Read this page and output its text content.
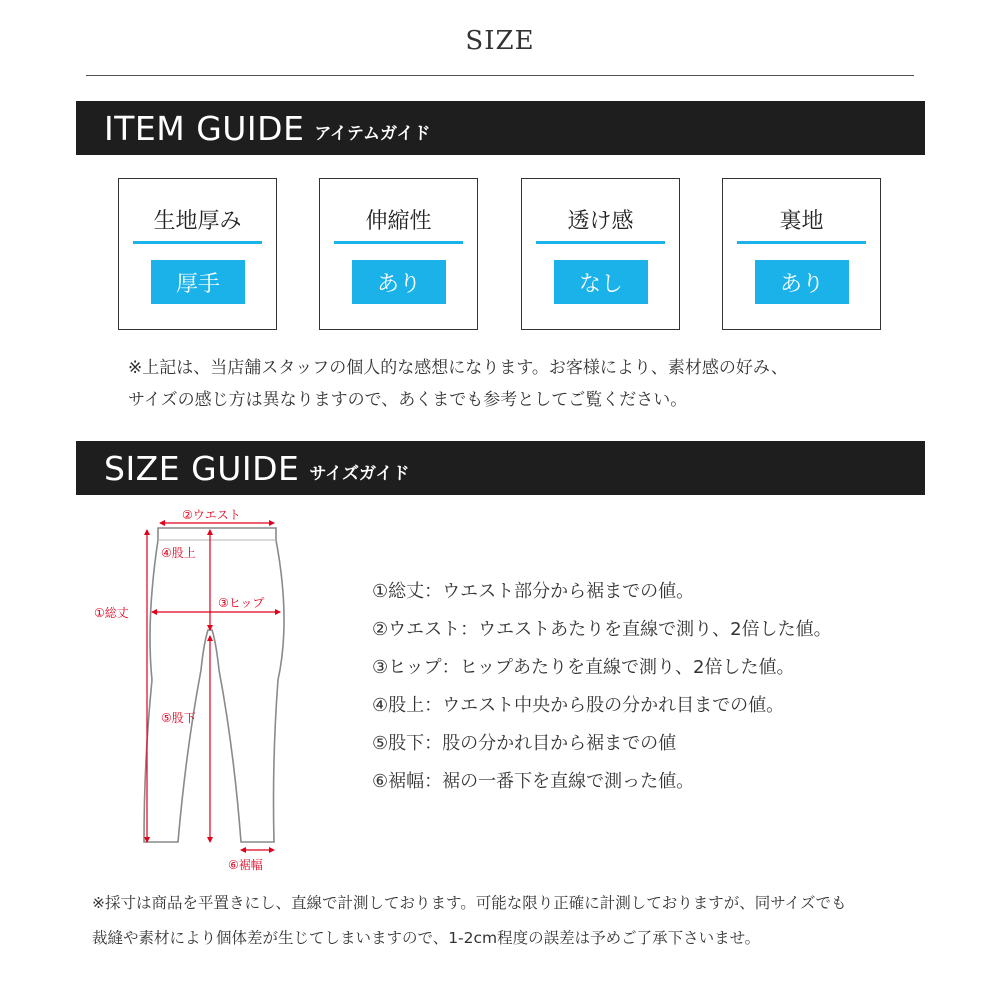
SIZE
ITEM GUIDE アイテムガイド
生地厚み
厚手
伸縮性
あり
透け感
なし
裏地
あり
※上記は、当店舗スタッフの個人的な感想になります。お客様により、素材感の好み、
サイズの感じ方は異なりますので、あくまでも参考としてご覧ください。
SIZE GUIDE サイズガイド
②ウエスト
④股上
①総丈
③ヒップ
⑤股下
⑥裾幅
①総丈：ウエスト部分から裾までの値。
②ウエスト：ウエストあたりを直線で測り、2倍した値。
③ヒップ：ヒップあたりを直線で測り、2倍した値。
④股上：ウエスト中央から股の分かれ目までの値。
⑤股下：股の分かれ目から裾までの値
⑥裾幅：裾の一番下を直線で測った値。
※採寸は商品を平置きにし、直線で計測しております。可能な限り正確に計測しておりますが、同サイズでも
裁縫や素材により個体差が生じてしまいますので、1-2cm程度の誤差は予めご了承下さいませ。
